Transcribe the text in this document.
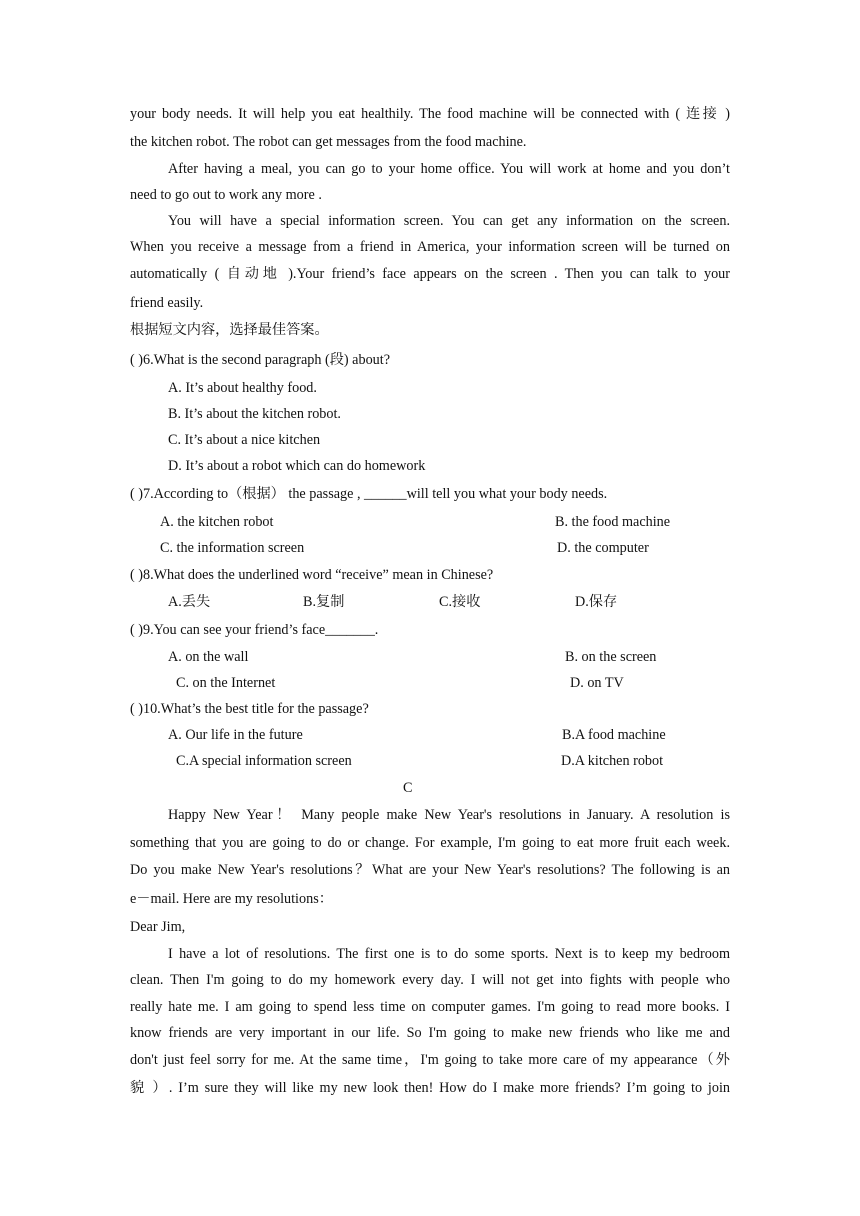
your body needs. It will help you eat healthily. The food machine will be connected with ( 连接 )
the kitchen robot. The robot can get messages from the food machine.
After having a meal, you can go to your home office. You will work at home and you don’t
need to go out to work any more .
You will have a special information screen. You can get any information on the screen.
When you receive a message from a friend in America, your information screen will be turned on
automatically ( 自动地 ).Your friend’s face appears on the screen . Then you can talk to your
friend easily.
根据短文内容，选择最佳答案。
( )6.What is the second paragraph (段) about?
A. It’s about healthy food.
B. It’s about the kitchen robot.
C. It’s about a nice kitchen
D. It’s about a robot which can do homework
( )7.According to（根据） the passage , ______will tell you what your body needs.
A. the kitchen robot	B. the food machine
C. the information screen	D. the computer
( )8.What does the underlined word “receive” mean in Chinese?
A.丢失	B.复制	C.接收	D.保存
( )9.You can see your friend’s face_______.
A. on the wall	B. on the screen
C. on the Internet	D. on TV
( )10.What’s the best title for the passage?
A. Our life in the future	B.A food machine
C.A special information screen	D.A kitchen robot
C
Happy New Year！ Many people make New Year's resolutions in January. A resolution is
something that you are going to do or change. For example, I'm going to eat more fruit each week.
Do you make New Year's resolutions？What are your New Year's resolutions? The following is an
e－mail. Here are my resolutions：
Dear Jim,
I have a lot of resolutions. The first one is to do some sports. Next is to keep my bedroom
clean. Then I'm going to do my homework every day. I will not get into fights with people who
really hate me. I am going to spend less time on computer games. I'm going to read more books. I
know friends are very important in our life. So I'm going to make new friends who like me and
don't just feel sorry for me. At the same time，I'm going to take more care of my appearance（外
貌 ）. I’m sure they will like my new look then! How do I make more friends? I’m going to join
